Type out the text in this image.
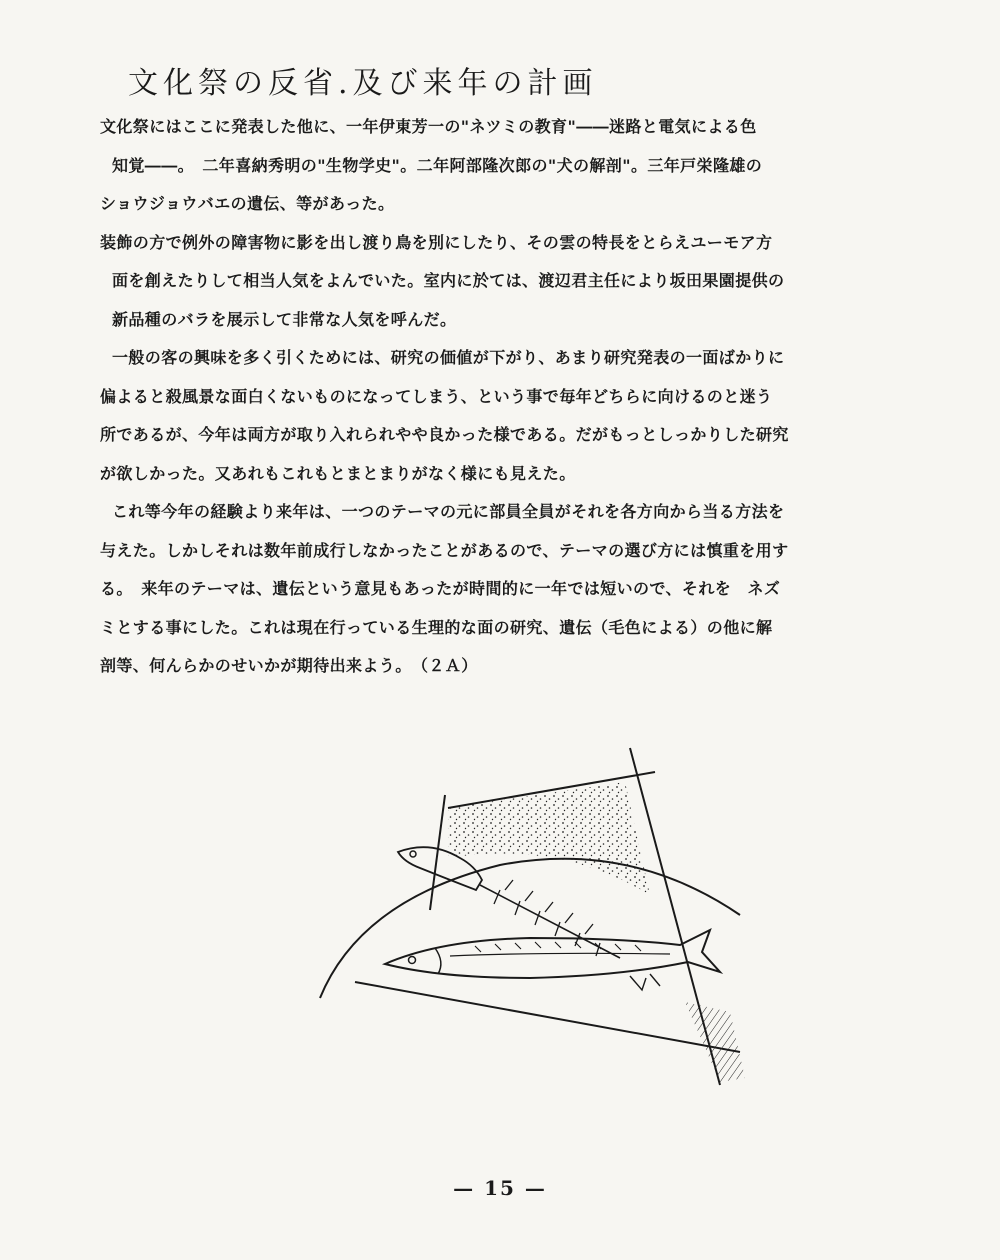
文化祭の反省.及び来年の計画
文化祭にはここに発表した他に、一年伊東芳一の"ネツミの教育"――迷路と電気による色
知覚――。　二年喜納秀明の"生物学史"。二年阿部隆次郎の"犬の解剖"。三年戸栄隆雄の
ショウジョウバエの遺伝、等があった。
装飾の方で例外の障害物に影を出し渡り鳥を別にしたり、その雲の特長をとらえユーモア方
面を創えたりして相当人気をよんでいた。室内に於ては、渡辺君主任により坂田果園提供の
新品種のバラを展示して非常な人気を呼んだ。
一般の客の興味を多く引くためには、研究の価値が下がり、あまり研究発表の一面ばかりに
偏よると殺風景な面白くないものになってしまう、という事で毎年どちらに向けるのと迷う
所であるが、今年は両方が取り入れられやや良かった様である。だがもっとしっかりした研究
が欲しかった。又あれもこれもとまとまりがなく様にも見えた。
これ等今年の経験より来年は、一つのテーマの元に部員全員がそれを各方向から当る方法を
与えた。しかしそれは数年前成行しなかったことがあるので、テーマの選び方には慎重を用す
る。　来年のテーマは、遺伝という意見もあったが時間的に一年では短いので、それを　ネズ
ミとする事にした。これは現在行っている生理的な面の研究、遺伝（毛色による）の他に解
剖等、何んらかのせいかが期待出来よう。　（２Ａ）
— 15 —
